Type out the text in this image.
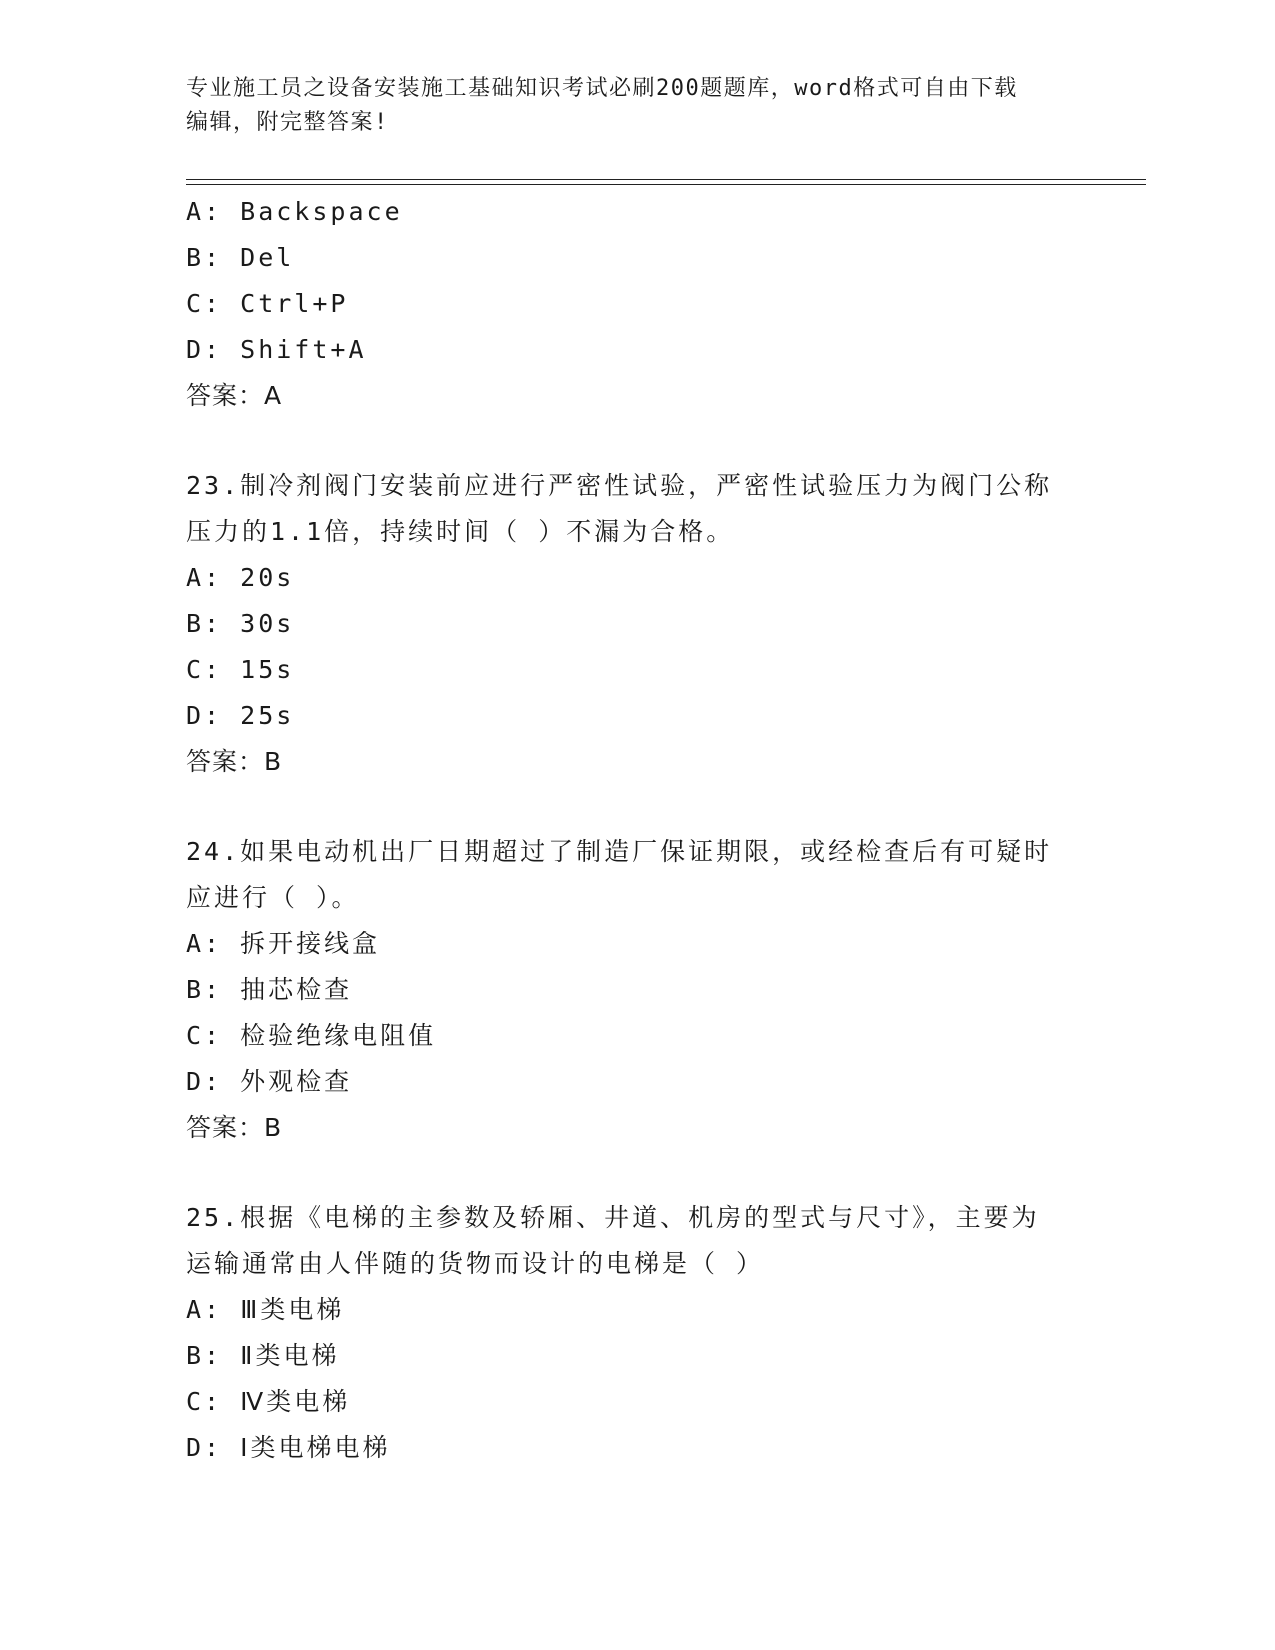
专业施工员之设备安装施工基础知识考试必刷200题题库，word格式可自由下载
编辑，附完整答案!
A: Backspace
B: Del
C: Ctrl+P
D: Shift+A
答案：A
23.制冷剂阀门安装前应进行严密性试验，严密性试验压力为阀门公称
压力的1.1倍，持续时间（ ）不漏为合格。
A: 20s
B: 30s
C: 15s
D: 25s
答案：B
24.如果电动机出厂日期超过了制造厂保证期限，或经检查后有可疑时
应进行（ ）。
A: 拆开接线盒
B: 抽芯检查
C: 检验绝缘电阻值
D: 外观检查
答案：B
25.根据《电梯的主参数及轿厢、井道、机房的型式与尺寸》，主要为
运输通常由人伴随的货物而设计的电梯是（ ）
A: Ⅲ类电梯
B: Ⅱ类电梯
C: Ⅳ类电梯
D: Ⅰ类电梯电梯
